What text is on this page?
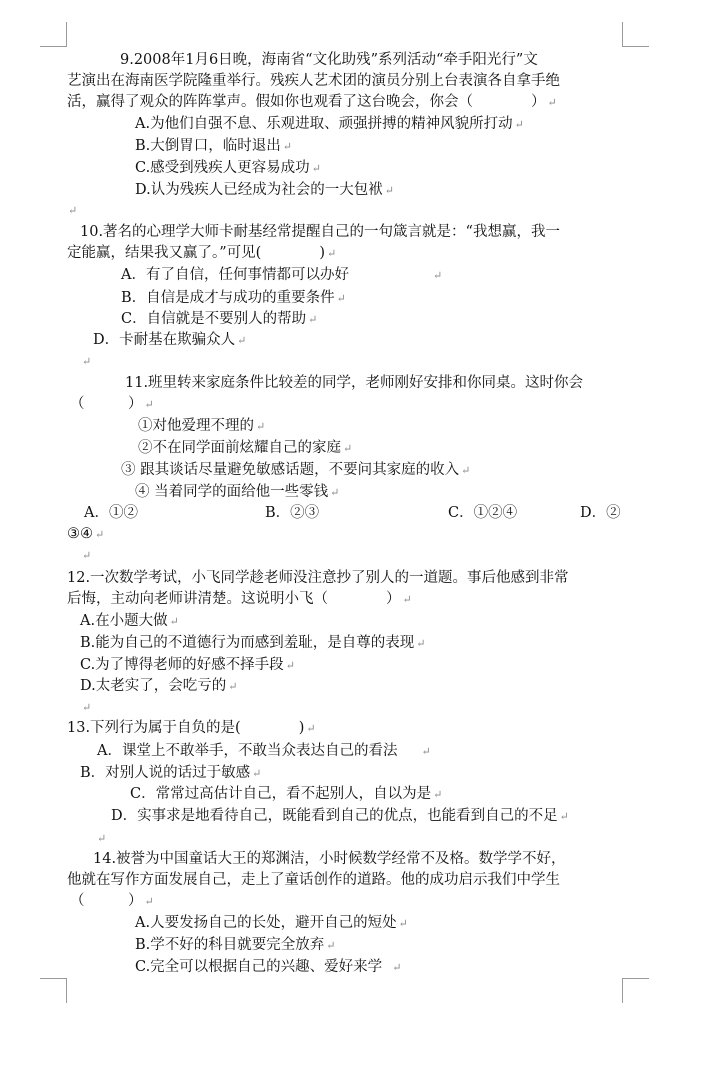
9.2008年1月6日晚，海南省“文化助残”系列活动“牵手阳光行”文
艺演出在海南医学院隆重举行。残疾人艺术团的演员分别上台表演各自拿手绝
活，赢得了观众的阵阵掌声。假如你也观看了这台晚会，你会（　　　　） ↵
A.为他们自强不息、乐观进取、顽强拼搏的精神风貌所打动 ↵
B.大倒胃口，临时退出 ↵
C.感受到残疾人更容易成功 ↵
D.认为残疾人已经成为社会的一大包袱 ↵
↵
10.著名的心理学大师卡耐基经常提醒自己的一句箴言就是：“我想赢，我一
定能赢，结果我又赢了。”可见(　　　　) ↵
A．有了自信，任何事情都可以办好	↵
B．自信是成才与成功的重要条件 ↵
C．自信就是不要别人的帮助 ↵
D．卡耐基在欺骗众人 ↵
↵
11.班里转来家庭条件比较差的同学，老师刚好安排和你同桌。这时你会
（　　　） ↵
①对他爱理不理的 ↵
②不在同学面前炫耀自己的家庭 ↵
③ 跟其谈话尽量避免敏感话题，不要问其家庭的收入 ↵
④ 当着同学的面给他一些零钱 ↵
A．①②	B．②③	C．①②④	D．②
③④ ↵
↵
12.一次数学考试，小飞同学趁老师没注意抄了别人的一道题。事后他感到非常
后悔，主动向老师讲清楚。这说明小飞（　　　　） ↵
A.在小题大做 ↵
B.能为自己的不道德行为而感到羞耻，是自尊的表现 ↵
C.为了博得老师的好感不择手段 ↵
D.太老实了，会吃亏的 ↵
↵
13.下列行为属于自负的是(　　　　) ↵
A．课堂上不敢举手，不敢当众表达自己的看法 ↵
B．对别人说的话过于敏感 ↵
C．常常过高估计自己，看不起别人，自以为是 ↵
D．实事求是地看待自己，既能看到自己的优点，也能看到自己的不足 ↵
↵
14.被誉为中国童话大王的郑渊洁，小时候数学经常不及格。数学学不好，
他就在写作方面发展自己，走上了童话创作的道路。他的成功启示我们中学生
（　　　） ↵
A.人要发扬自己的长处，避开自己的短处 ↵
B.学不好的科目就要完全放弃 ↵
C.完全可以根据自己的兴趣、爱好来学 ↵
